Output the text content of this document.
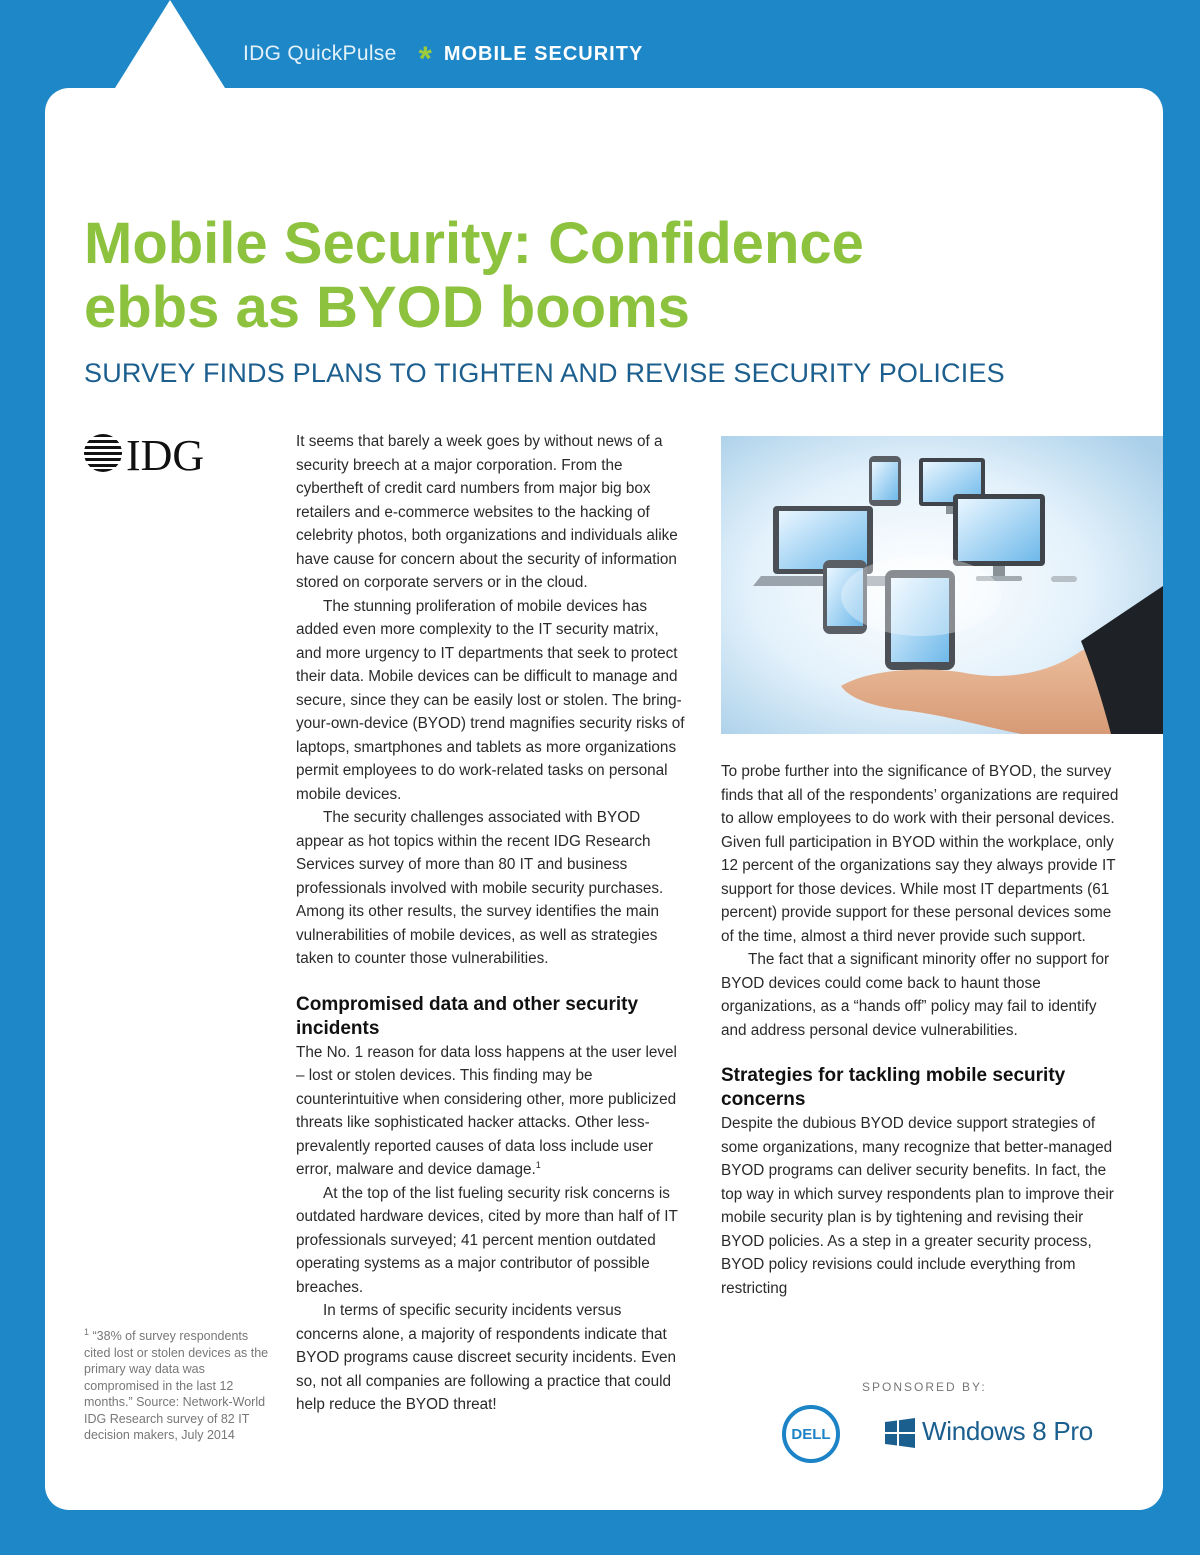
IDG QuickPulse * MOBILE SECURITY
Mobile Security: Confidence
ebbs as BYOD booms
SURVEY FINDS PLANS TO TIGHTEN AND REVISE SECURITY POLICIES
IDG	It seems that barely a week goes by without news of a security breech at a major corporation. From the cybertheft of credit card numbers from major big box retailers and e-commerce websites to the hacking of celebrity photos, both organizations and individuals alike have cause for concern about the security of information stored on corporate servers or in the cloud.

The stunning proliferation of mobile devices has added even more complexity to the IT security matrix, and more urgency to IT departments that seek to protect their data. Mobile devices can be difficult to manage and secure, since they can be easily lost or stolen. The bring-your-own-device (BYOD) trend magnifies security risks of laptops, smartphones and tablets as more organizations permit employees to do work-related tasks on personal mobile devices.

The security challenges associated with BYOD appear as hot topics within the recent IDG Research Services survey of more than 80 IT and business professionals involved with mobile security purchases. Among its other results, the survey identifies the main vulnerabilities of mobile devices, as well as strategies taken to counter those vulnerabilities.

Compromised data and other security incidents

The No. 1 reason for data loss happens at the user level – lost or stolen devices. This finding may be counterintuitive when considering other, more publicized threats like sophisticated hacker attacks. Other less-prevalently reported causes of data loss include user error, malware and device damage.$^1$

At the top of the list fueling security risk concerns is outdated hardware devices, cited by more than half of IT professionals surveyed; 41 percent mention outdated operating systems as a major contributor of possible breaches.

In terms of specific security incidents versus concerns alone, a majority of respondents indicate that BYOD programs cause discreet security incidents. Even so, not all companies are following a practice that could help reduce the BYOD threat!

To probe further into the significance of BYOD, the survey finds that all of the respondents’ organizations are required to allow employees to do work with their personal devices. Given full participation in BYOD within the workplace, only 12 percent of the organizations say they always provide IT support for those devices. While most IT departments (61 percent) provide support for these personal devices some of the time, almost a third never provide such support.

The fact that a significant minority offer no support for BYOD devices could come back to haunt those organizations, as a “hands off” policy may fail to identify and address personal device vulnerabilities.

Strategies for tackling mobile security concerns

Despite the dubious BYOD device support strategies of some organizations, many recognize that better-managed BYOD programs can deliver security benefits. In fact, the top way in which survey respondents plan to improve their mobile security plan is by tightening and revising their BYOD policies. As a step in a greater security process, BYOD policy revisions could include everything from restricting

$^1$ “38% of survey respondents cited lost or stolen devices as the primary way data was compromised in the last 12 months.” Source: Network-World IDG Research survey of 82 IT decision makers, July 2014
SPONSORED BY:
DELL	Windows 8 Pro
